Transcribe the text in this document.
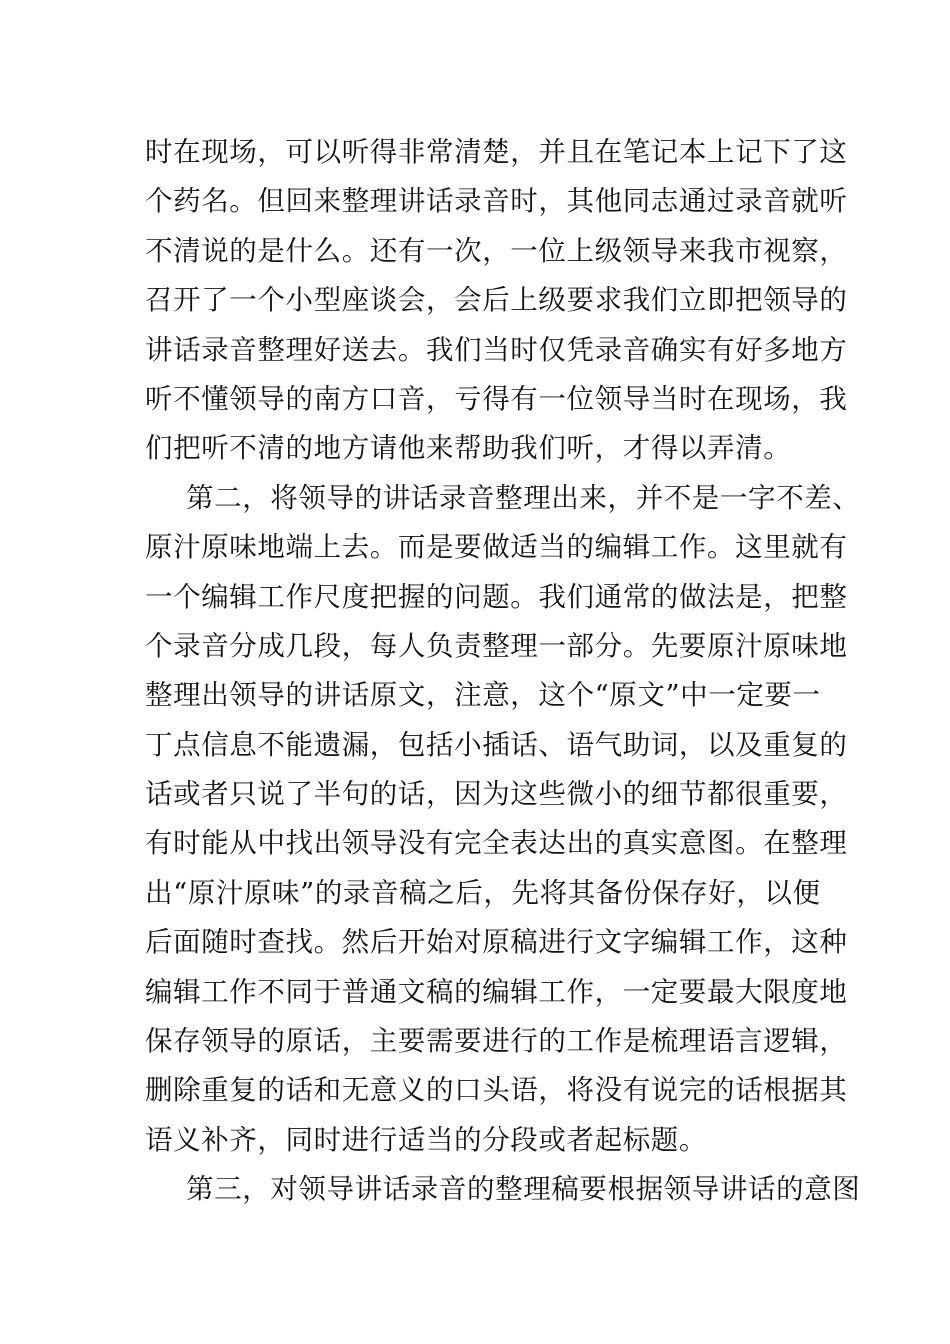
时在现场，可以听得非常清楚，并且在笔记本上记下了这
个药名。但回来整理讲话录音时，其他同志通过录音就听
不清说的是什么。还有一次，一位上级领导来我市视察，
召开了一个小型座谈会，会后上级要求我们立即把领导的
讲话录音整理好送去。我们当时仅凭录音确实有好多地方
听不懂领导的南方口音，亏得有一位领导当时在现场，我
们把听不清的地方请他来帮助我们听，才得以弄清。
第二，将领导的讲话录音整理出来，并不是一字不差、
原汁原味地端上去。而是要做适当的编辑工作。这里就有
一个编辑工作尺度把握的问题。我们通常的做法是，把整
个录音分成几段，每人负责整理一部分。先要原汁原味地
整理出领导的讲话原文，注意，这个“原文”中一定要一
丁点信息不能遗漏，包括小插话、语气助词，以及重复的
话或者只说了半句的话，因为这些微小的细节都很重要，
有时能从中找出领导没有完全表达出的真实意图。在整理
出“原汁原味”的录音稿之后，先将其备份保存好，以便
后面随时查找。然后开始对原稿进行文字编辑工作，这种
编辑工作不同于普通文稿的编辑工作，一定要最大限度地
保存领导的原话，主要需要进行的工作是梳理语言逻辑，
删除重复的话和无意义的口头语，将没有说完的话根据其
语义补齐，同时进行适当的分段或者起标题。
第三，对领导讲话录音的整理稿要根据领导讲话的意图
